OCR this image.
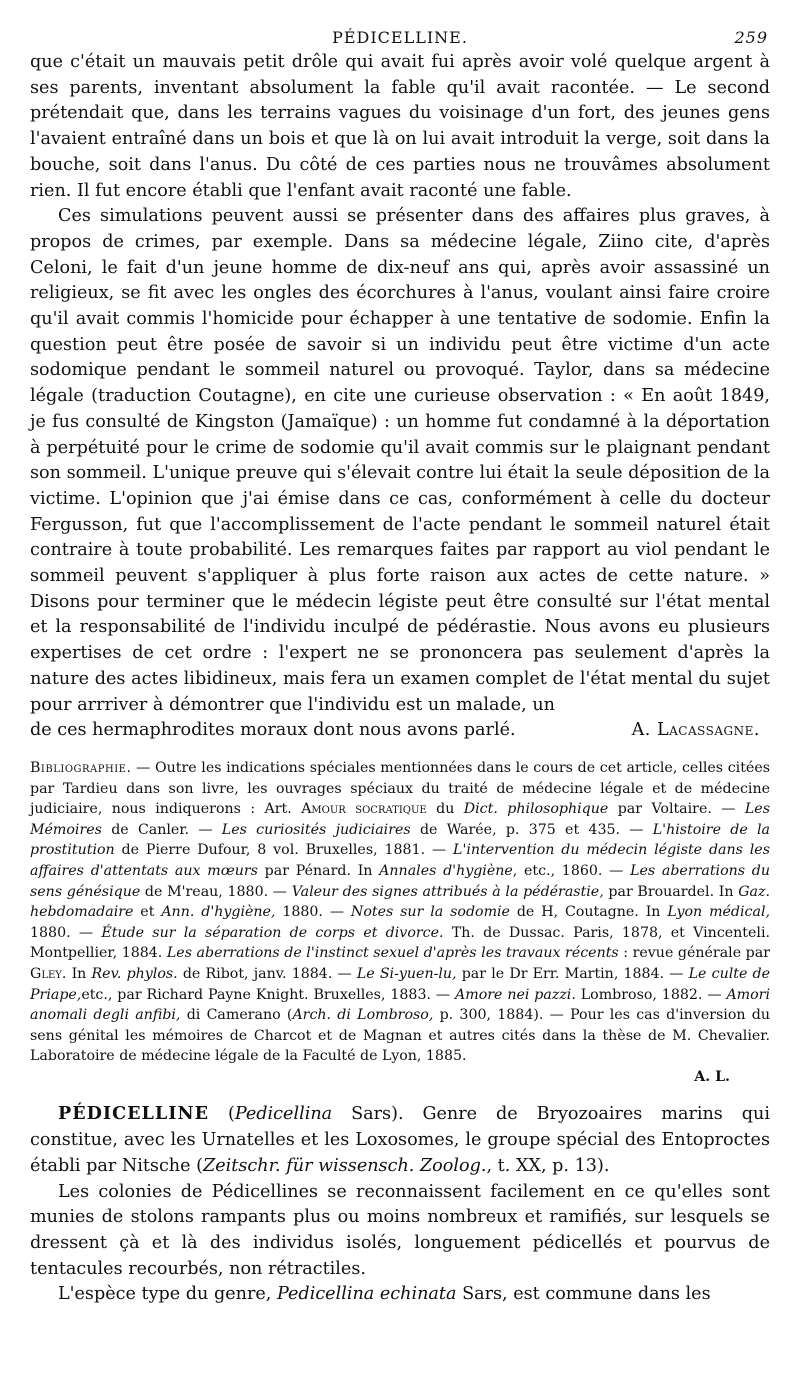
PÉDICELLINE.	259

que c'était un mauvais petit drôle qui avait fui après avoir volé quelque argent à ses parents, inventant absolument la fable qu'il avait racontée. — Le second prétendait que, dans les terrains vagues du voisinage d'un fort, des jeunes gens l'avaient entraîné dans un bois et que là on lui avait introduit la verge, soit dans la bouche, soit dans l'anus. Du côté de ces parties nous ne trouvâmes absolument rien. Il fut encore établi que l'enfant avait raconté une fable.

Ces simulations peuvent aussi se présenter dans des affaires plus graves, à propos de crimes, par exemple. Dans sa médecine légale, Ziino cite, d'après Celoni, le fait d'un jeune homme de dix-neuf ans qui, après avoir assassiné un religieux, se fit avec les ongles des écorchures à l'anus, voulant ainsi faire croire qu'il avait commis l'homicide pour échapper à une tentative de sodomie. Enfin la question peut être posée de savoir si un individu peut être victime d'un acte sodomique pendant le sommeil naturel ou provoqué. Taylor, dans sa médecine légale (traduction Coutagne), en cite une curieuse observation : « En août 1849, je fus consulté de Kingston (Jamaïque) : un homme fut condamné à la déportation à perpétuité pour le crime de sodomie qu'il avait commis sur le plaignant pendant son sommeil. L'unique preuve qui s'élevait contre lui était la seule déposition de la victime. L'opinion que j'ai émise dans ce cas, conformément à celle du docteur Fergusson, fut que l'accomplissement de l'acte pendant le sommeil naturel était contraire à toute probabilité. Les remarques faites par rapport au viol pendant le sommeil peuvent s'appliquer à plus forte raison aux actes de cette nature. » Disons pour terminer que le médecin légiste peut être consulté sur l'état mental et la responsabilité de l'individu inculpé de pédérastie. Nous avons eu plusieurs expertises de cet ordre : l'expert ne se prononcera pas seulement d'après la nature des actes libidineux, mais fera un examen complet de l'état mental du sujet pour arrriver à démontrer que l'individu est un malade, un

de ces hermaphrodites moraux dont nous avons parlé.	A. Lacassagne.
Bibliographie. — Outre les indications spéciales mentionnées dans le cours de cet article, celles citées par Tardieu dans son livre, les ouvrages spéciaux du traité de médecine légale et de médecine judiciaire, nous indiquerons : Art. Amour socratique du Dict. philosophique par Voltaire. — Les Mémoires de Canler. — Les curiosités judiciaires de Warée, p. 375 et 435. — L'histoire de la prostitution de Pierre Dufour, 8 vol. Bruxelles, 1881. — L'intervention du médecin légiste dans les affaires d'attentats aux mœurs par Pénard. In Annales d'hygiène, etc., 1860. — Les aberrations du sens génésique de M'reau, 1880. — Valeur des signes attribués à la pédérastie, par Brouardel. In Gaz. hebdomadaire et Ann. d'hygiène, 1880. — Notes sur la sodomie de H, Coutagne. In Lyon médical, 1880. — Étude sur la séparation de corps et divorce. Th. de Dussac. Paris, 1878, et Vincenteli. Montpellier, 1884. Les aberrations de l'instinct sexuel d'après les travaux récents : revue générale par Gley. In Rev. phylos. de Ribot, janv. 1884. — Le Si-yuen-lu, par le Dr Err. Martin, 1884. — Le culte de Priape,etc., par Richard Payne Knight. Bruxelles, 1883. — Amore nei pazzi. Lombroso, 1882. — Amori anomali degli anfibi, di Camerano (Arch. di Lombroso, p. 300, 1884). — Pour les cas d'inversion du sens génital les mémoires de Charcot et de Magnan et autres cités dans la thèse de M. Chevalier. Laboratoire de médecine légale de la Faculté de Lyon, 1885.
A. L.

PÉDICELLINE (Pedicellina Sars). Genre de Bryozoaires marins qui constitue, avec les Urnatelles et les Loxosomes, le groupe spécial des Entoproctes établi par Nitsche (Zeitschr. für wissensch. Zoolog., t. XX, p. 13).

Les colonies de Pédicellines se reconnaissent facilement en ce qu'elles sont munies de stolons rampants plus ou moins nombreux et ramifiés, sur lesquels se dressent çà et là des individus isolés, longuement pédicellés et pourvus de tentacules recourbés, non rétractiles.

L'espèce type du genre, Pedicellina echinata Sars, est commune dans les
